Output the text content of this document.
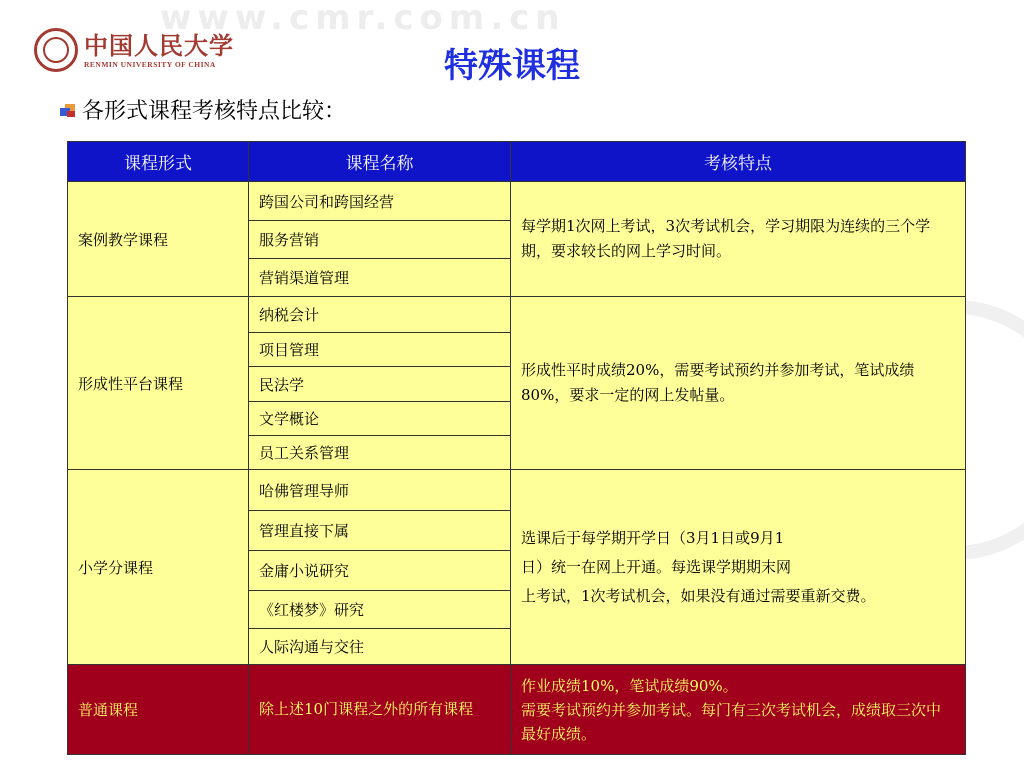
www.cmr.com.cn
中国人民大学
RENMIN UNIVERSITY OF CHINA	特殊课程
各形式课程考核特点比较：
课程形式	课程名称	考核特点
案例教学课程	跨国公司和跨国经营	每学期1次网上考试，3次考试机会，学习期限为连续的三个学期，要求较长的网上学习时间。
	服务营销	
	营销渠道管理	
形成性平台课程	纳税会计	形成性平时成绩20%，需要考试预约并参加考试，笔试成绩80%，要求一定的网上发帖量。
	项目管理	
	民法学	
	文学概论	
	员工关系管理	
小学分课程	哈佛管理导师	选课后于每学期开学日（3月1日或9月1
日）统一在网上开通。每选课学期期末网
上考试，1次考试机会，如果没有通过需要重新交费。

	管理直接下属	
	金庸小说研究	
	《红楼梦》研究	
	人际沟通与交往	
普通课程	除上述10门课程之外的所有课程	作业成绩10%，笔试成绩90%。

需要考试预约并参加考试。每门有三次考试机会，成绩取三次中最好成绩。
